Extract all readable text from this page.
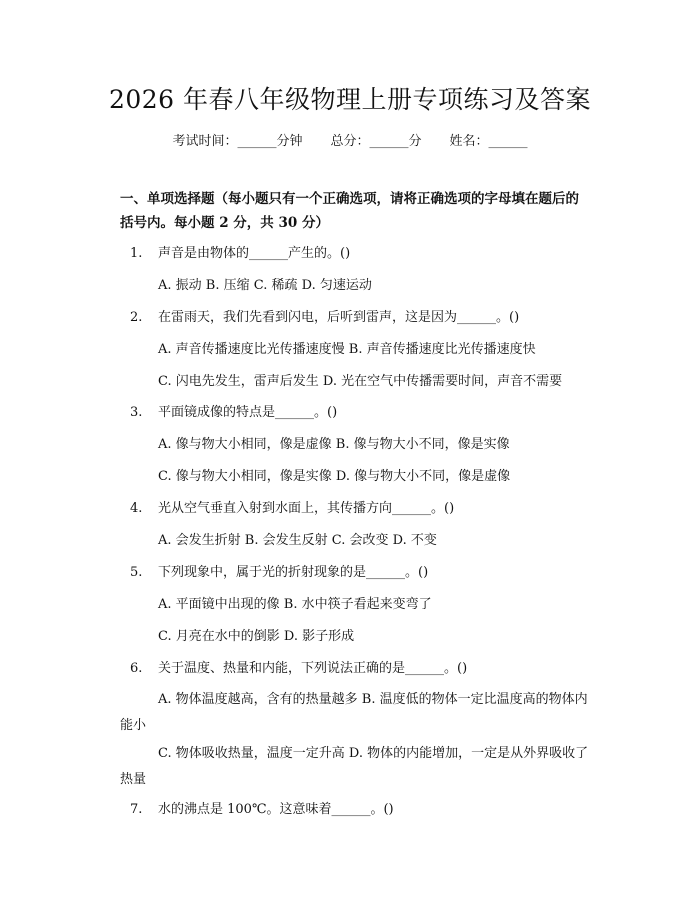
2026 年春八年级物理上册专项练习及答案
考试时间：______分钟 总分：______分 姓名：______
一、单项选择题（每小题只有一个正确选项，请将正确选项的字母填在题后的括号内。每小题 2 分，共 30 分）
1. 声音是由物体的______产生的。()
A. 振动 B. 压缩 C. 稀疏 D. 匀速运动
2. 在雷雨天，我们先看到闪电，后听到雷声，这是因为______。()
A. 声音传播速度比光传播速度慢 B. 声音传播速度比光传播速度快
C. 闪电先发生，雷声后发生 D. 光在空气中传播需要时间，声音不需要
3. 平面镜成像的特点是______。()
A. 像与物大小相同，像是虚像 B. 像与物大小不同，像是实像
C. 像与物大小相同，像是实像 D. 像与物大小不同，像是虚像
4. 光从空气垂直入射到水面上，其传播方向______。()
A. 会发生折射 B. 会发生反射 C. 会改变 D. 不变
5. 下列现象中，属于光的折射现象的是______。()
A. 平面镜中出现的像 B. 水中筷子看起来变弯了
C. 月亮在水中的倒影 D. 影子形成
6. 关于温度、热量和内能，下列说法正确的是______。()
A. 物体温度越高，含有的热量越多 B. 温度低的物体一定比温度高的物体内能小
C. 物体吸收热量，温度一定升高 D. 物体的内能增加，一定是从外界吸收了热量
7. 水的沸点是 100℃。这意味着______。()
